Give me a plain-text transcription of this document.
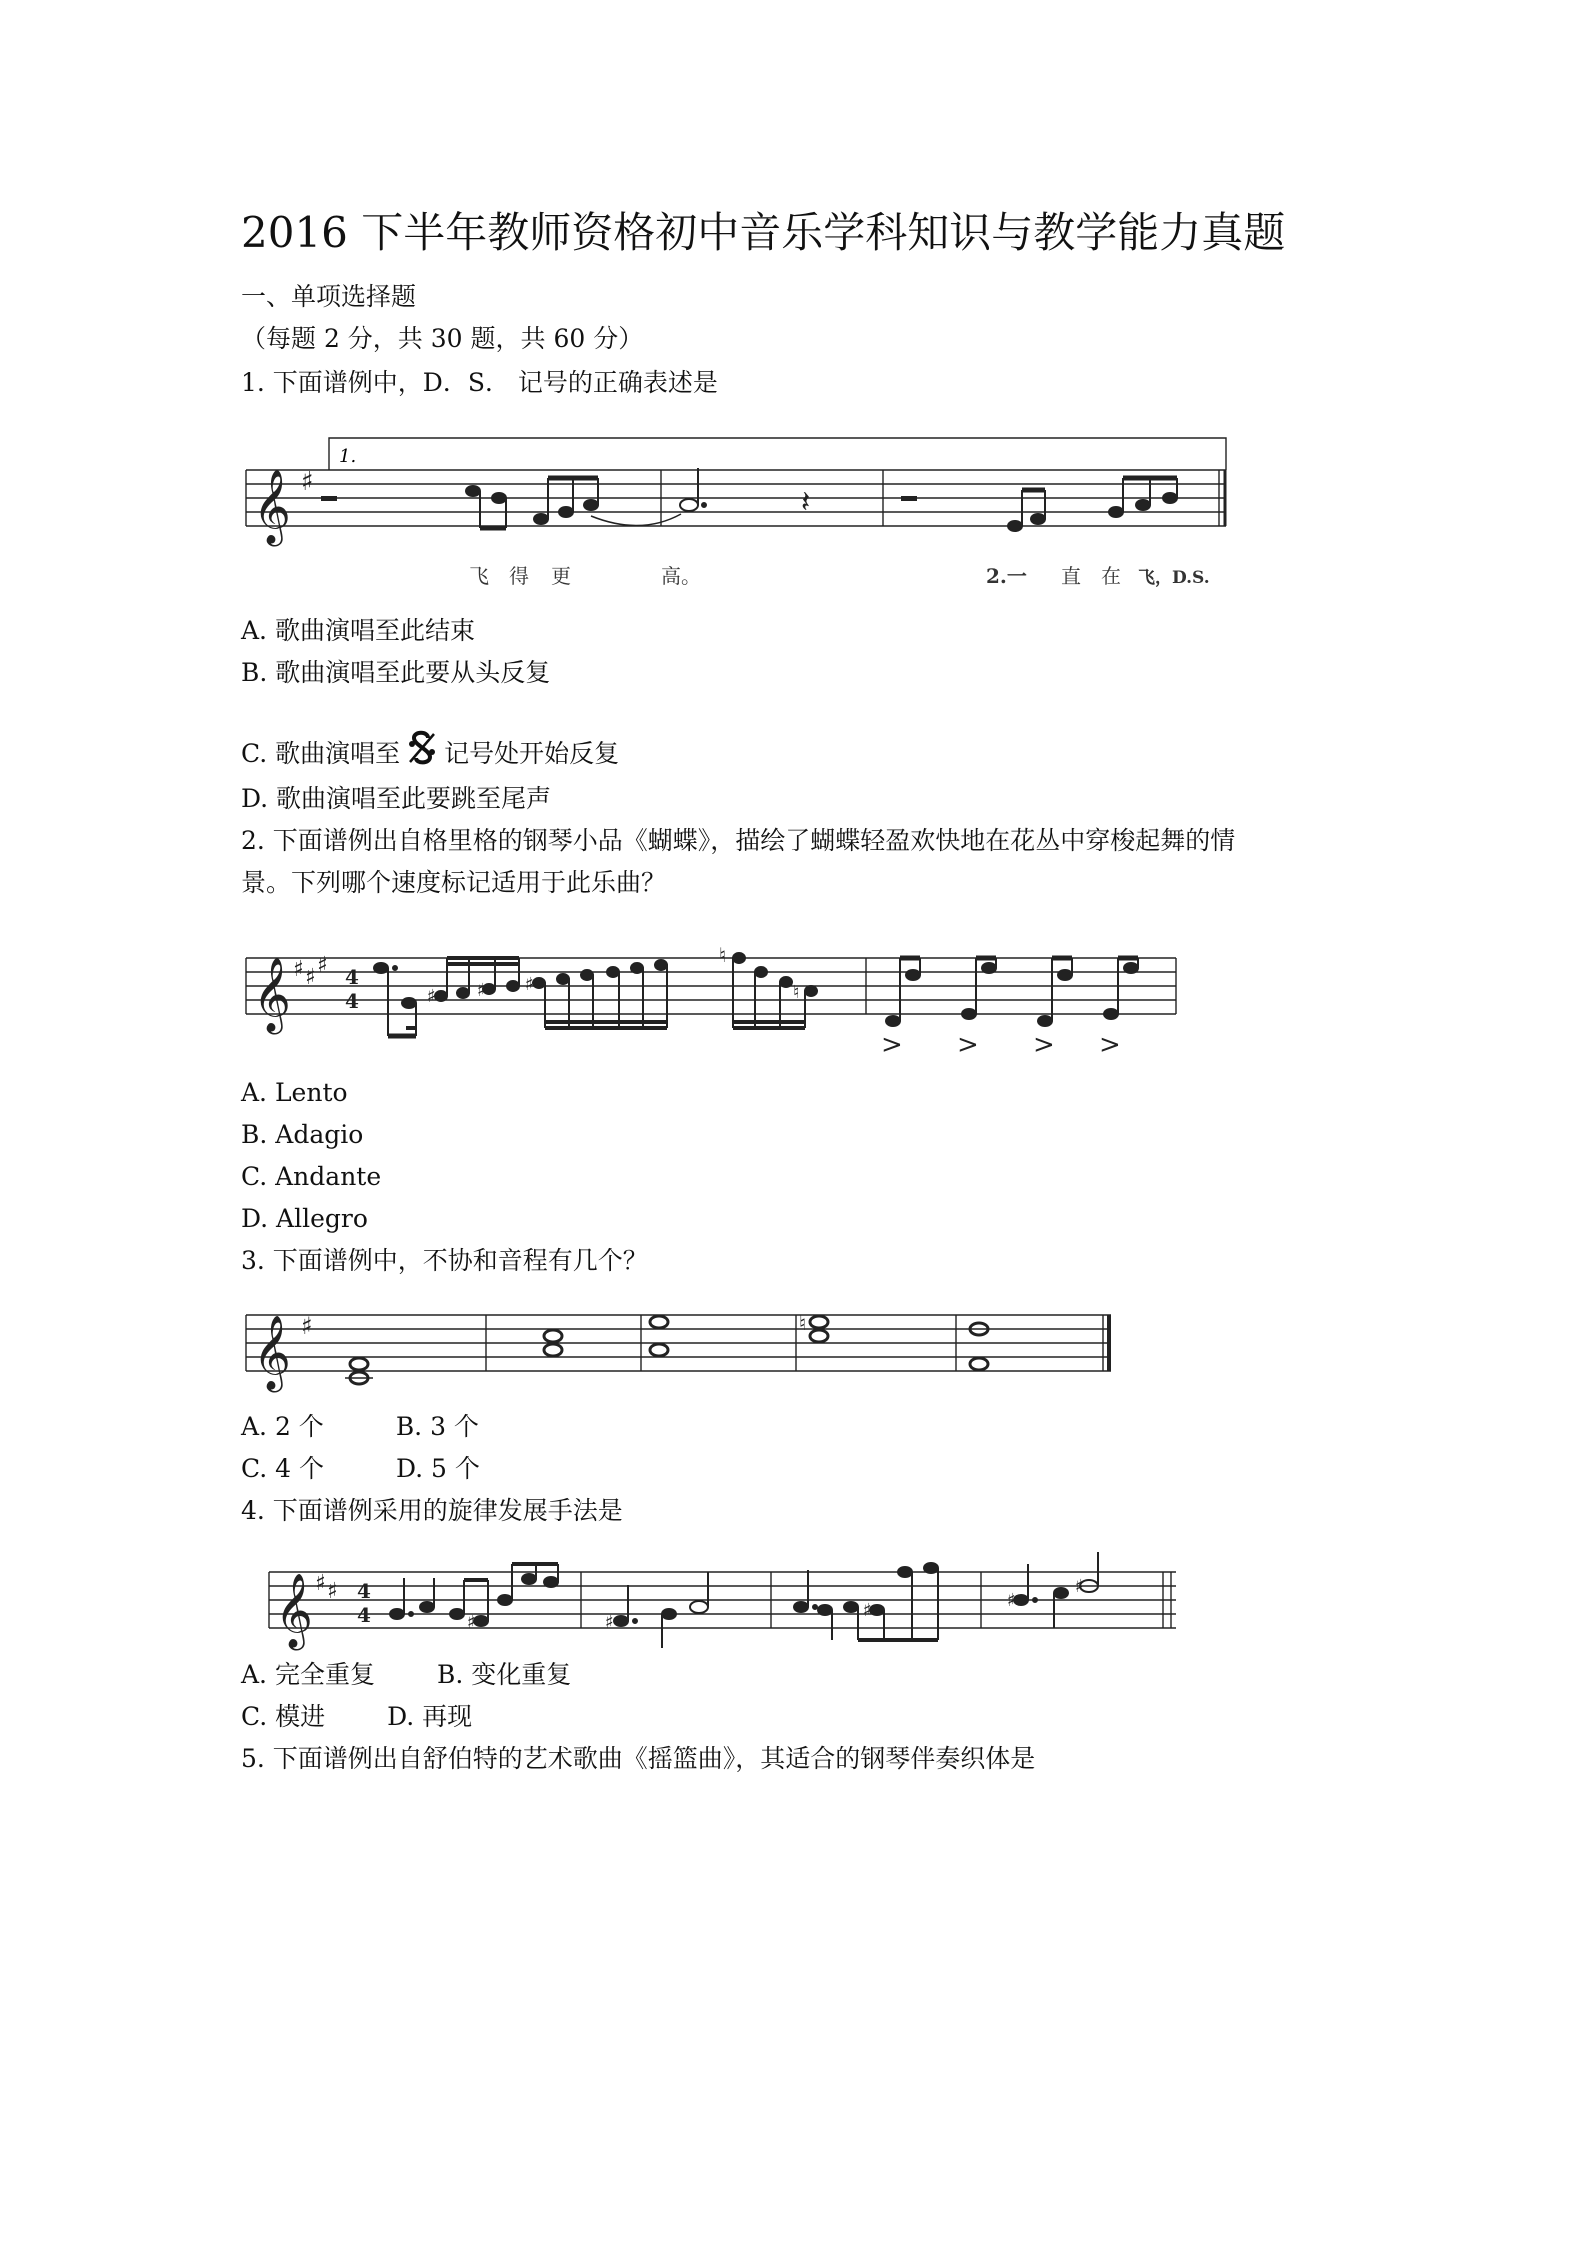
2016 下半年教师资格初中音乐学科知识与教学能力真题
一、单项选择题
（每题 2 分，共 30 题，共 60 分）
1. 下面谱例中，D．S． 记号的正确表述是
1.
𝄞 ♯
𝄽
飞 得 更	高。	2.一 直 在 飞，D.S.
A. 歌曲演唱至此结束
B. 歌曲演唱至此要从头反复
C. 歌曲演唱至 记号处开始反复
D. 歌曲演唱至此要跳至尾声
2. 下面谱例出自格里格的钢琴小品《蝴蝶》，描绘了蝴蝶轻盈欢快地在花丛中穿梭起舞的情
景。下列哪个速度标记适用于此乐曲？
𝄞 ♯ ♯ ♯ 4
4	♯ ♯ ♯
♮
♮
> > > >
A. Lento
B. Adagio
C. Andante
D. Allegro
3. 下面谱例中，不协和音程有几个？
𝄞 ♯	♮
A. 2 个	B. 3 个
C. 4 个	D. 5 个
4. 下面谱例采用的旋律发展手法是
𝄞 ♯ ♯ 4
4	♯	♯
♯	♯
♯
A. 完全重复 B. 变化重复
C. 模进 D. 再现
5. 下面谱例出自舒伯特的艺术歌曲《摇篮曲》，其适合的钢琴伴奏织体是
